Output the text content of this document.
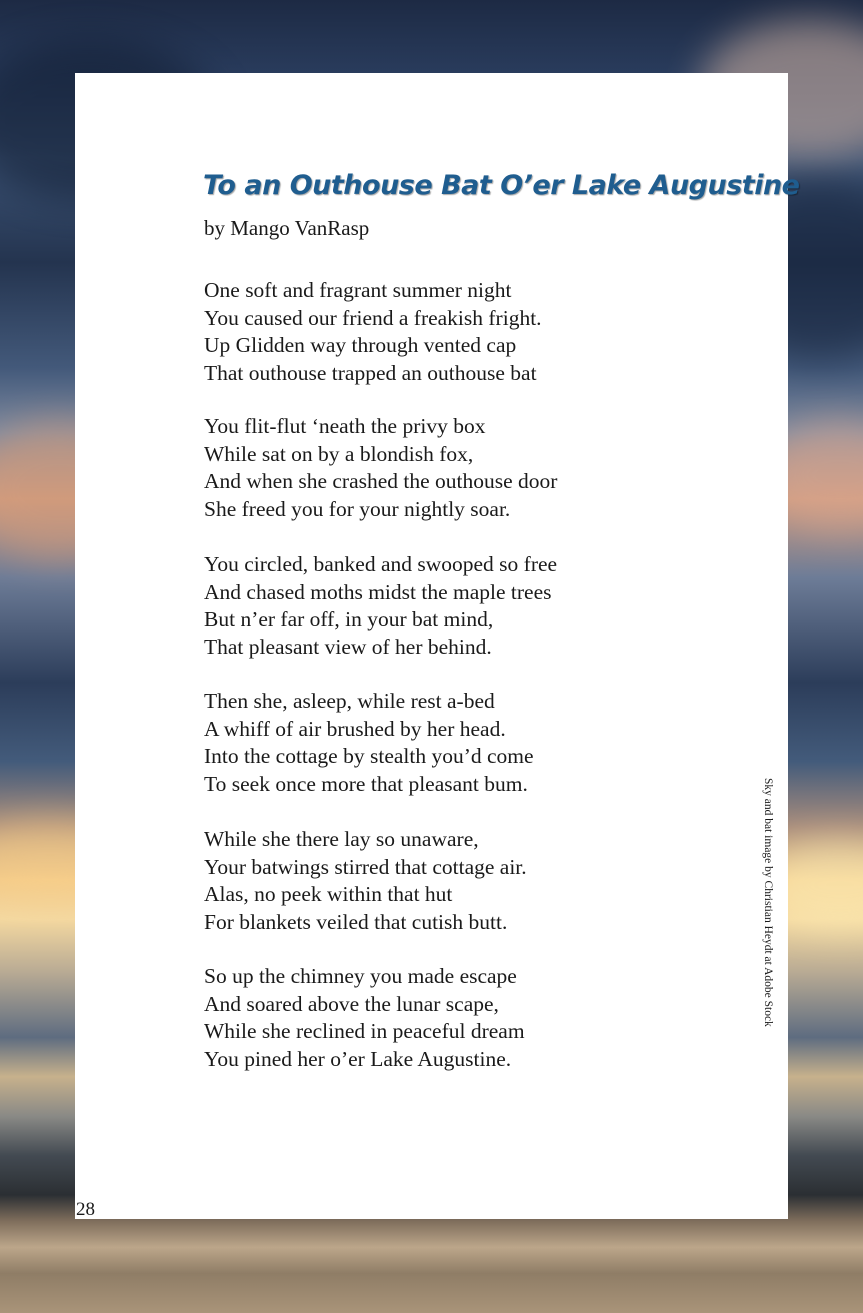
To an Outhouse Bat O’er Lake Augustine
by Mango VanRasp
One soft and fragrant summer night
You caused our friend a freakish fright.
Up Glidden way through vented cap
That outhouse trapped an outhouse bat
You flit-flut ‘neath the privy box
While sat on by a blondish fox,
And when she crashed the outhouse door
She freed you for your nightly soar.
You circled, banked and swooped so free
And chased moths midst the maple trees
But n’er far off, in your bat mind,
That pleasant view of her behind.
Then she, asleep, while rest a-bed
A whiff of air brushed by her head.
Into the cottage by stealth you’d come
To seek once more that pleasant bum.
While she there lay so unaware,
Your batwings stirred that cottage air.
Alas, no peek within that hut
For blankets veiled that cutish butt.
So up the chimney you made escape
And soared above the lunar scape,
While she reclined in peaceful dream
You pined her o’er Lake Augustine.
Sky and bat image by Christian Heydt at Adobe Stock
28
